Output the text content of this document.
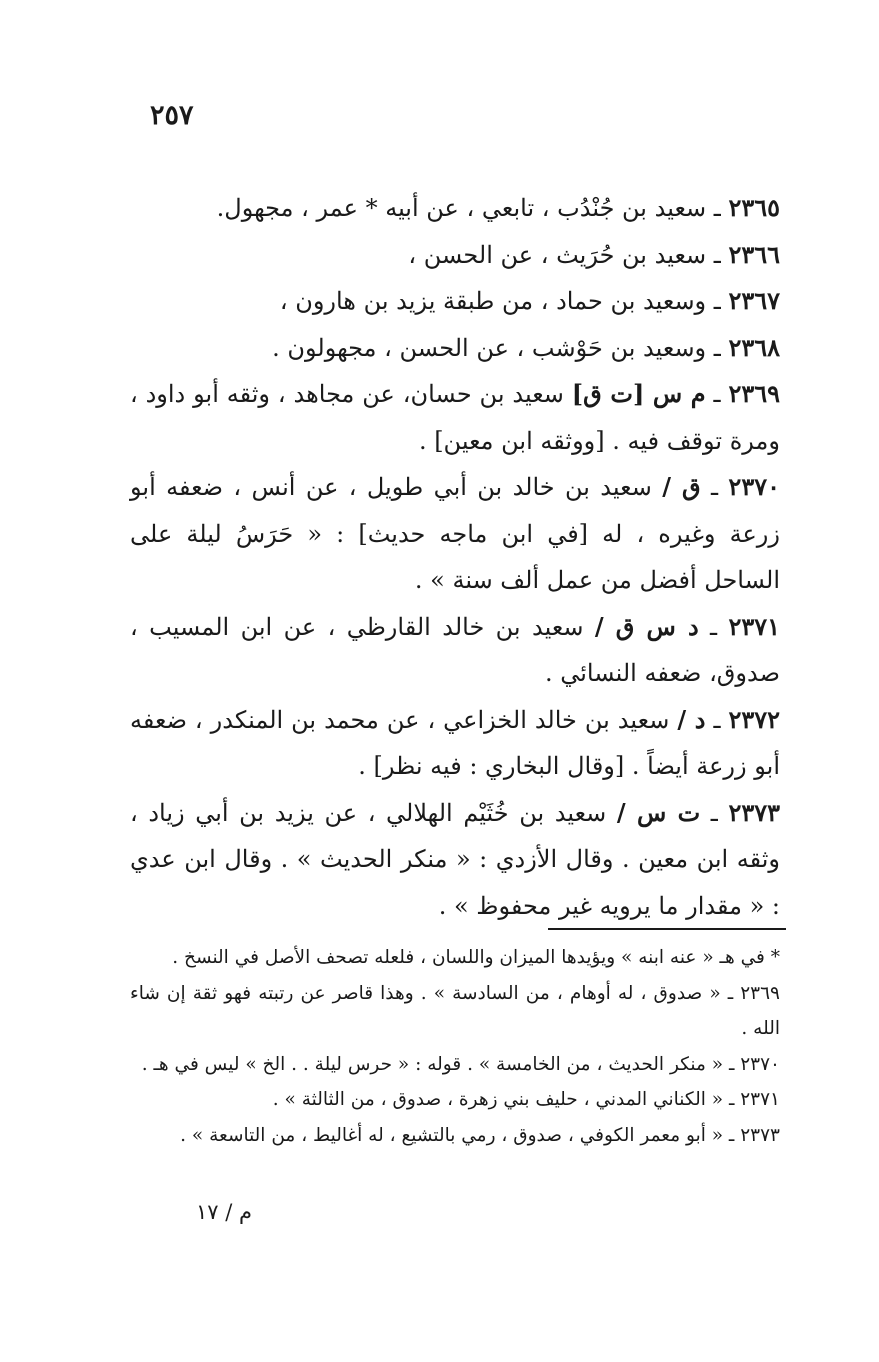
٢٥٧

٢٣٦٥ ـ سعيد بن جُنْدُب ، تابعي ، عن أبيه * عمر ، مجهول.

٢٣٦٦ ـ سعيد بن حُرَيث ، عن الحسن ،

٢٣٦٧ ـ وسعيد بن حماد ، من طبقة يزيد بن هارون ،

٢٣٦٨ ـ وسعيد بن حَوْشب ، عن الحسن ، مجهولون .

٢٣٦٩ ـ م س [ت ق] سعيد بن حسان، عن مجاهد ، وثقه أبو داود ، ومرة توقف فيه . [ووثقه ابن معين] .

٢٣٧٠ ـ ق / سعيد بن خالد بن أبي طويل ، عن أنس ، ضعفه أبو زرعة وغيره ، له [في ابن ماجه حديث] : « حَرَسُ ليلة على الساحل أفضل من عمل ألف سنة » .

٢٣٧١ ـ د س ق / سعيد بن خالد القارظي ، عن ابن المسيب ، صدوق، ضعفه النسائي .

٢٣٧٢ ـ د / سعيد بن خالد الخزاعي ، عن محمد بن المنكدر ، ضعفه أبو زرعة أيضاً . [وقال البخاري : فيه نظر] .

٢٣٧٣ ـ ت س / سعيد بن خُثَيْم الهلالي ، عن يزيد بن أبي زياد ، وثقه ابن معين . وقال الأزدي : « منكر الحديث » . وقال ابن عدي : « مقدار ما يرويه غير محفوظ » .

* في هـ « عنه ابنه » ويؤيدها الميزان واللسان ، فلعله تصحف الأصل في النسخ .

٢٣٦٩ ـ « صدوق ، له أوهام ، من السادسة » . وهذا قاصر عن رتبته فهو ثقة إن شاء الله .

٢٣٧٠ ـ « منكر الحديث ، من الخامسة » . قوله : « حرس ليلة . . الخ » ليس في هـ .

٢٣٧١ ـ « الكناني المدني ، حليف بني زهرة ، صدوق ، من الثالثة » .

٢٣٧٣ ـ « أبو معمر الكوفي ، صدوق ، رمي بالتشيع ، له أغاليط ، من التاسعة » .

م / ١٧
